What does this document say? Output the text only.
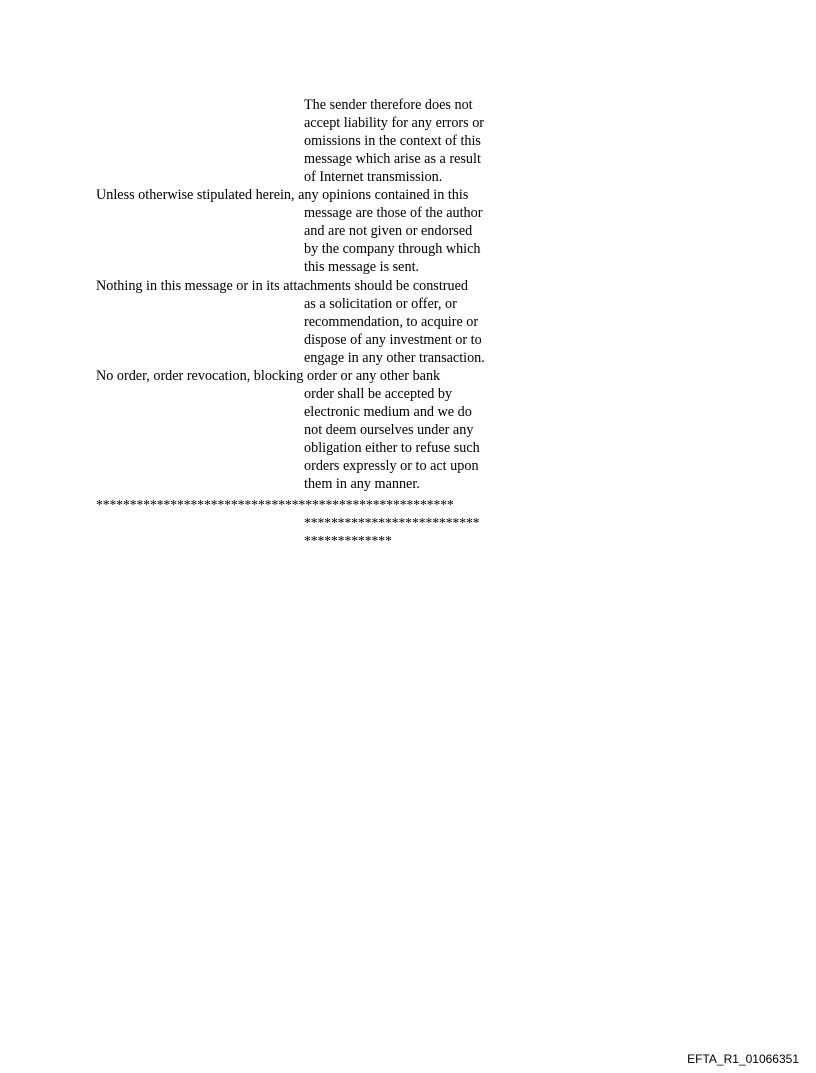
The sender therefore does not
accept liability for any errors or
omissions in the context of this
message which arise as a result
of Internet transmission.
Unless otherwise stipulated herein, any opinions contained in this
message are those of the author
and are not given or endorsed
by the company through which
this message is sent.
Nothing in this message or in its attachments should be construed
as a solicitation or offer, or
recommendation, to acquire or
dispose of any investment or to
engage in any other transaction.
No order, order revocation, blocking order or any other bank
order shall be accepted by
electronic medium and we do
not deem ourselves under any
obligation either to refuse such
orders expressly or to act upon
them in any manner.
*****************************************************
**************************
*************
EFTA_R1_01066351
